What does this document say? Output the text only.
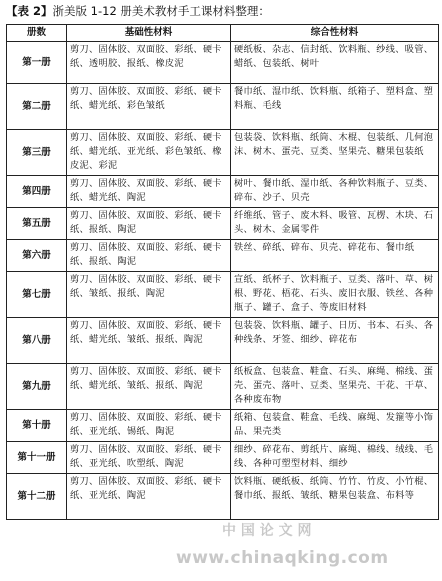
【表 2】浙美版 1-12 册美术教材手工课材料整理：
册数	基础性材料	综合性材料
第一册	剪刀、固体胶、双面胶、彩纸、硬卡纸、透明胶、报纸、橡皮泥	硬纸板、杂志、信封纸、饮料瓶、纱线、吸管、蜡纸、包装纸、树叶
第二册	剪刀、固体胶、双面胶、彩纸、硬卡纸、蜡光纸、彩色皱纸	餐巾纸、湿巾纸、饮料瓶、纸箱子、塑料盒、塑料瓶、毛线
第三册	剪刀、固体胶、双面胶、彩纸、硬卡纸、蜡光纸、亚光纸、彩色皱纸、橡皮泥、彩泥	包装袋、饮料瓶、纸筒、木棍、包装纸、几何泡沫、树木、蛋壳、豆类、坚果壳、糖果包装纸
第四册	剪刀、固体胶、双面胶、彩纸、硬卡纸、蜡光纸、陶泥	树叶、餐巾纸、湿巾纸、各种饮料瓶子、豆类、碎布、沙子、贝壳
第五册	剪刀、固体胶、双面胶、彩纸、硬卡纸、报纸、陶泥	纤维纸、管子、废木料、吸管、瓦楞、木块、石头、树木、金属零件
第六册	剪刀、固体胶、双面胶、彩纸、硬卡纸、报纸、陶泥	铁丝、碎纸、碎布、贝壳、碎花布、餐巾纸
第七册	剪刀、固体胶、双面胶、彩纸、硬卡纸、皱纸、报纸、陶泥	宣纸、纸杯子、饮料瓶子、豆类、落叶、草、树根、野花、梧花、石头、废旧衣服、铁丝、各种瓶子、罐子、盒子、等废旧材料
第八册	剪刀、固体胶、双面胶、彩纸、硬卡纸、蜡光纸、皱纸、报纸、陶泥	包装袋、饮料瓶、罐子、日历、书本、石头、各种线条、牙签、细纱、碎花布
第九册	剪刀、固体胶、双面胶、彩纸、硬卡纸、蜡光纸、皱纸、报纸、陶泥	纸板盒、包装盒、鞋盒、石头、麻绳、棉线、蛋壳、蛋壳、落叶、豆类、坚果壳、干花、干草、各种废布物
第十册	剪刀、固体胶、双面胶、彩纸、硬卡纸、亚光纸、锡纸、陶泥	纸箱、包装盒、鞋盒、毛线、麻绳、发箍等小饰品、果壳类
第十一册	剪刀、固体胶、双面胶、彩纸、硬卡纸、亚光纸、吹塑纸、陶泥	细纱、碎花布、剪纸片、麻绳、棉线、绒线、毛线、各种可塑型材料、细纱
第十二册	剪刀、固体胶、双面胶、彩纸、硬卡纸、亚光纸、陶泥	饮料瓶、硬纸板、纸筒、竹竹、竹皮、小竹棍、餐巾纸、报纸、皱纸、糖果包装盒、布料等
中 国 论 文 网
www.chinaqking.com
